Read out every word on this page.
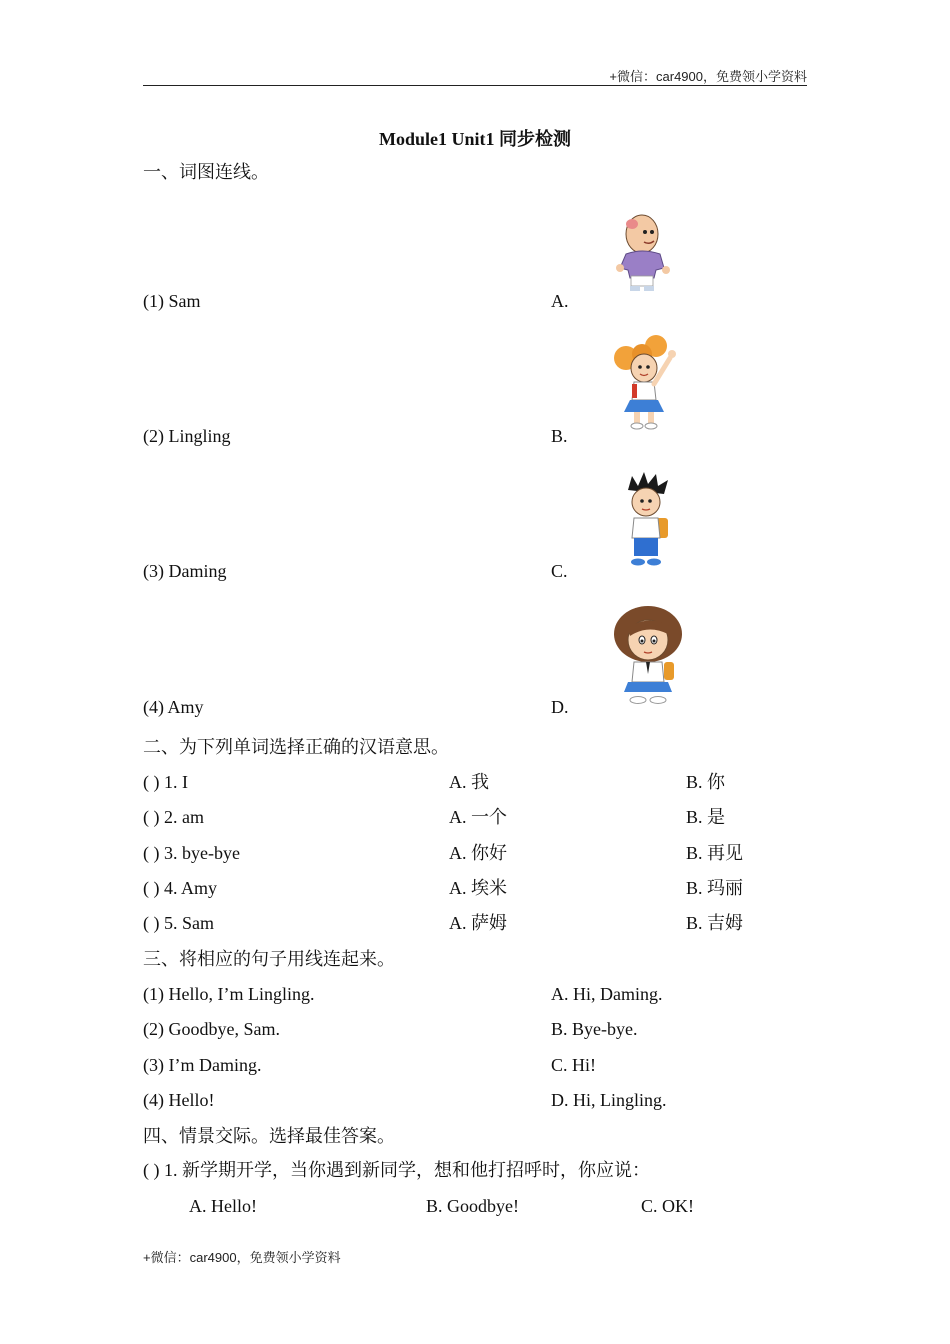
+微信：car4900，免费领小学资料
Module1 Unit1 同步检测
一、词图连线。
(1) Sam	A.
(2) Lingling	B.
(3) Daming	C.
(4) Amy	D.
二、为下列单词选择正确的汉语意思。
( ) 1. I	A. 我	B. 你
( ) 2. am	A. 一个	B. 是
( ) 3. bye-bye	A. 你好	B. 再见
( ) 4. Amy	A. 埃米	B. 玛丽
( ) 5. Sam	A. 萨姆	B. 吉姆
三、将相应的句子用线连起来。
(1) Hello, I’m Lingling.	A. Hi, Daming.
(2) Goodbye, Sam.	B. Bye-bye.
(3) I’m Daming.	C. Hi!
(4) Hello!	D. Hi, Lingling.
四、情景交际。选择最佳答案。
( ) 1. 新学期开学，当你遇到新同学，想和他打招呼时，你应说：
A. Hello!	B. Goodbye!	C. OK!
+微信：car4900，免费领小学资料
